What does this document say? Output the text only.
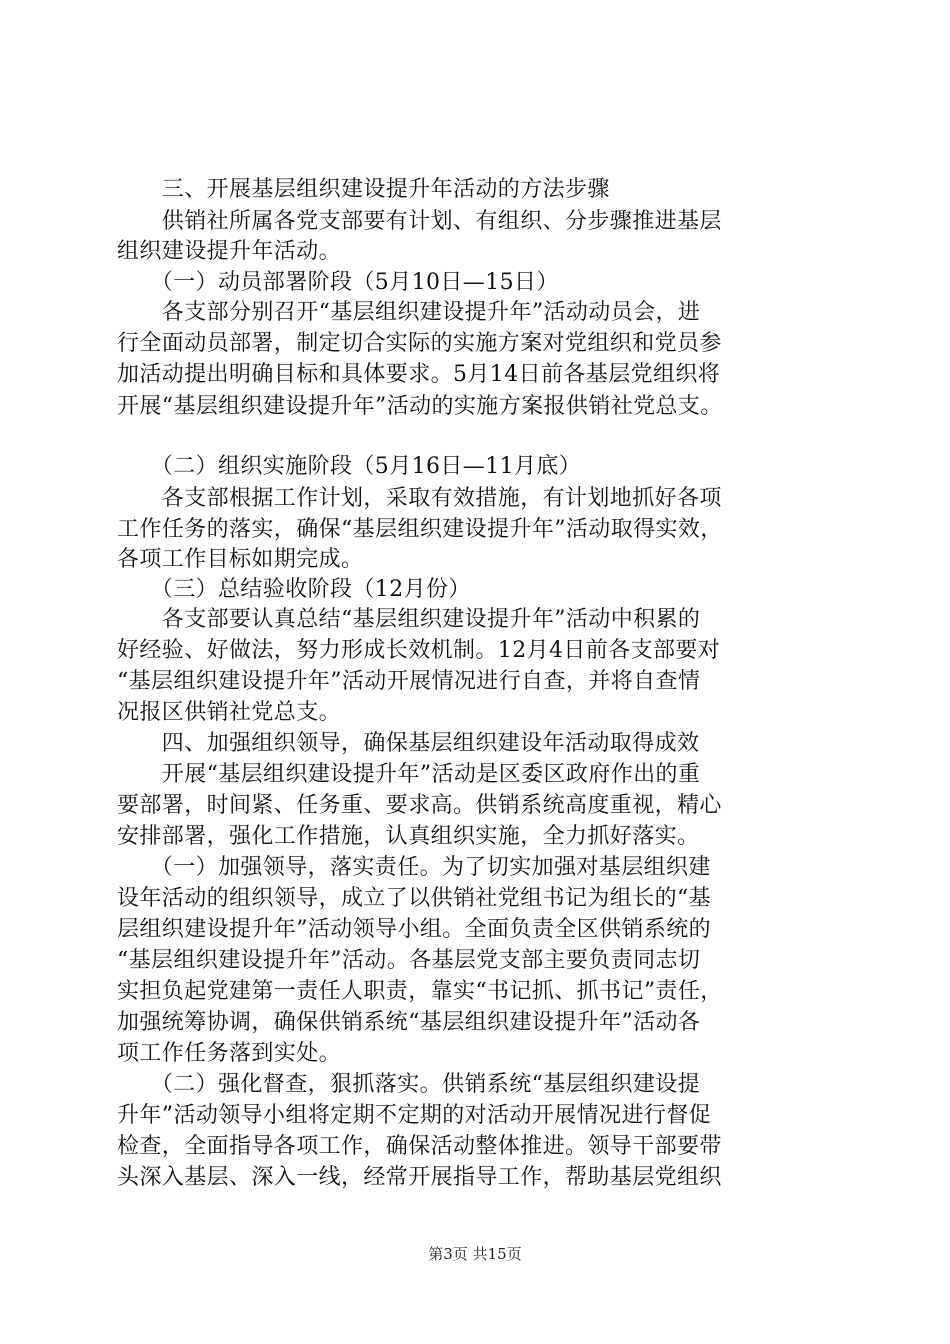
　　三、开展基层组织建设提升年活动的方法步骤
　　供销社所属各党支部要有计划、有组织、分步骤推进基层
组织建设提升年活动。
　　（一）动员部署阶段（5月10日—15日）
　　各支部分别召开“基层组织建设提升年”活动动员会，进
行全面动员部署，制定切合实际的实施方案对党组织和党员参
加活动提出明确目标和具体要求。5月14日前各基层党组织将
开展“基层组织建设提升年”活动的实施方案报供销社党总支。
　　（二）组织实施阶段（5月16日—11月底）
　　各支部根据工作计划，采取有效措施，有计划地抓好各项
工作任务的落实，确保“基层组织建设提升年”活动取得实效，
各项工作目标如期完成。
　　（三）总结验收阶段（12月份）
　　各支部要认真总结“基层组织建设提升年”活动中积累的
好经验、好做法，努力形成长效机制。12月4日前各支部要对
“基层组织建设提升年”活动开展情况进行自查，并将自查情
况报区供销社党总支。
　　四、加强组织领导，确保基层组织建设年活动取得成效
　　开展“基层组织建设提升年”活动是区委区政府作出的重
要部署，时间紧、任务重、要求高。供销系统高度重视，精心
安排部署，强化工作措施，认真组织实施，全力抓好落实。
　　（一）加强领导，落实责任。为了切实加强对基层组织建
设年活动的组织领导，成立了以供销社党组书记为组长的“基
层组织建设提升年”活动领导小组。全面负责全区供销系统的
“基层组织建设提升年”活动。各基层党支部主要负责同志切
实担负起党建第一责任人职责，靠实“书记抓、抓书记”责任，
加强统筹协调，确保供销系统“基层组织建设提升年”活动各
项工作任务落到实处。
　　（二）强化督查，狠抓落实。供销系统“基层组织建设提
升年”活动领导小组将定期不定期的对活动开展情况进行督促
检查，全面指导各项工作，确保活动整体推进。领导干部要带
头深入基层、深入一线，经常开展指导工作，帮助基层党组织
第3页 共15页
